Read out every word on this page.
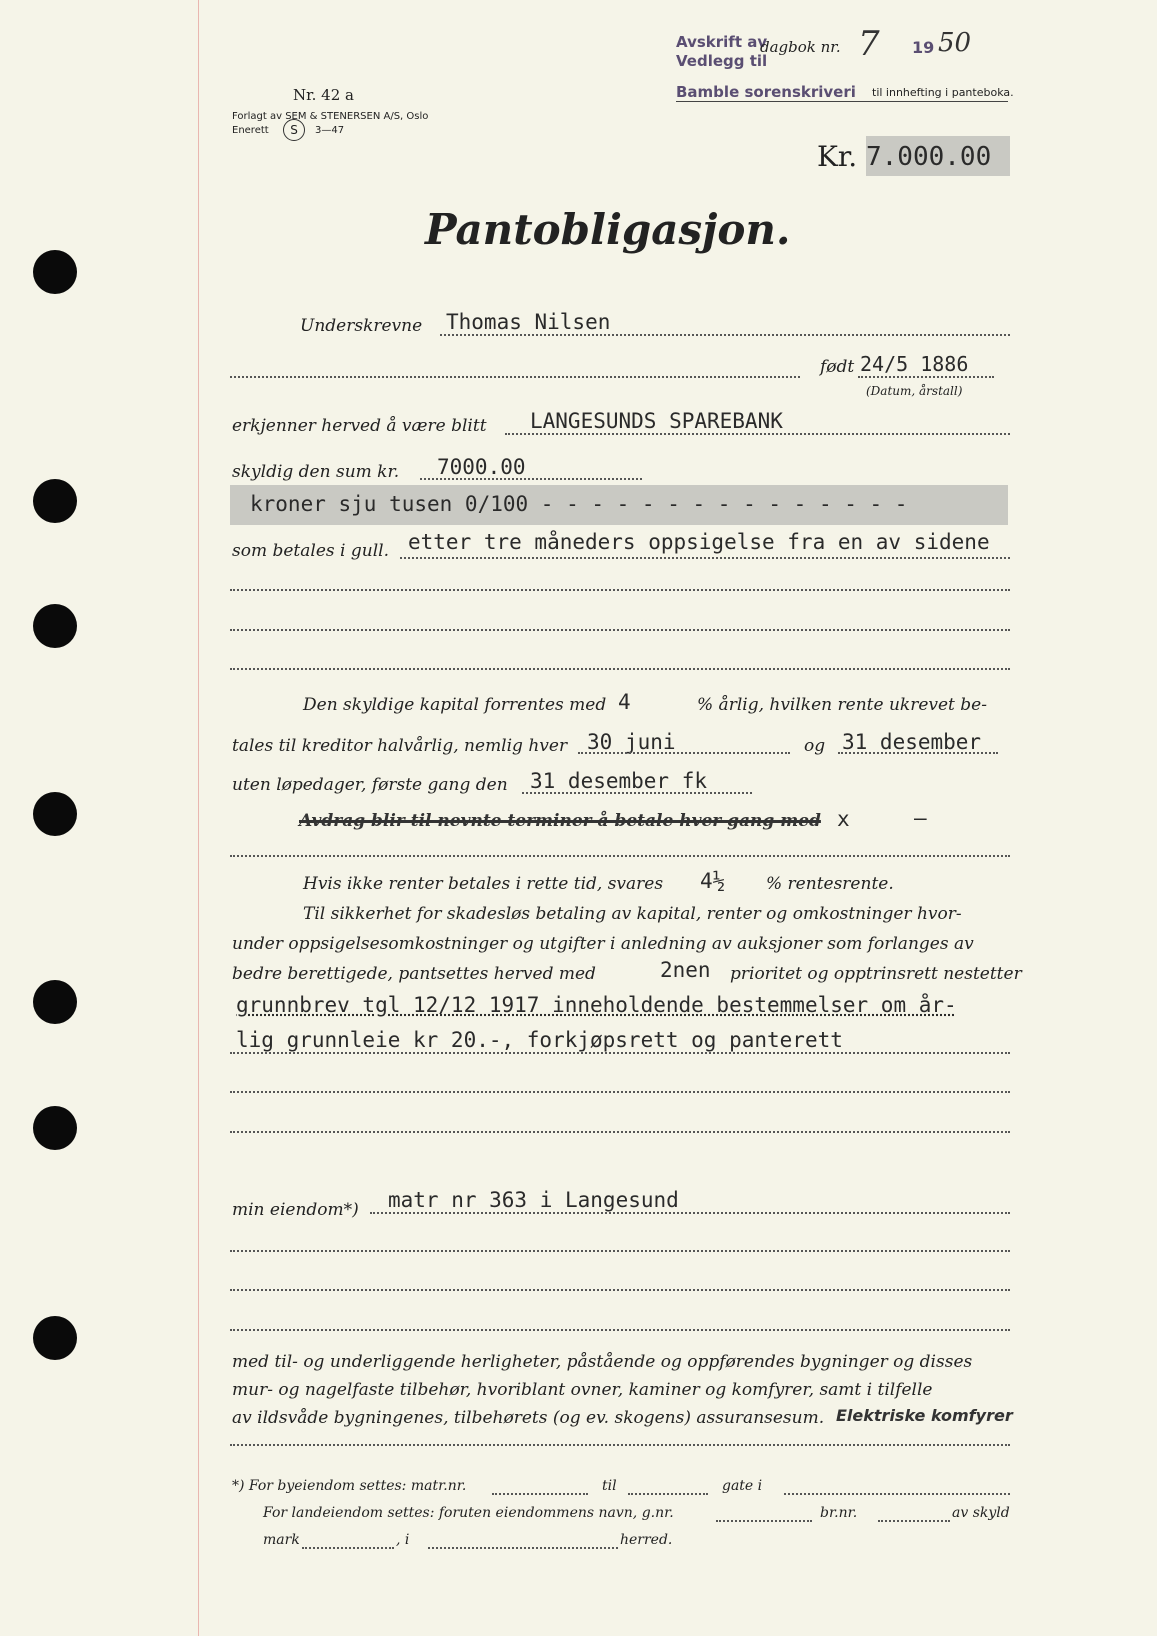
Nr. 42 a
Forlagt av SEM & STENERSEN A/S, Oslo
Enerett	S	3—47
Avskrift av
Vedlegg til
Bamble sorenskriveri
dagbok nr. 7 19 50
til innhefting i panteboka.
Kr. 7.000.00
Pantobligasjon.
Underskrevne Thomas Nilsen
født 24/5 1886
(Datum, årstall)
erkjenner herved å være blitt LANGESUNDS SPAREBANK
skyldig den sum kr. 7000.00
kroner sju tusen 0/100 - - - - - - - - - - - - - - -
som betales i gull. etter tre måneders oppsigelse fra en av sidene
Den skyldige kapital forrentes med 4	% årlig, hvilken rente ukrevet be-
tales til kreditor halvårlig, nemlig hver 30 juni	og 31 desember
uten løpedager, første gang den 31 desember fk
Avdrag blir til nevnte terminer å betale hver gang med x	—
Hvis ikke renter betales i rette tid, svares 4½ % rentesrente.
Til sikkerhet for skadesløs betaling av kapital, renter og omkostninger hvor-
under oppsigelsesomkostninger og utgifter i anledning av auksjoner som forlanges av
bedre berettigede, pantsettes herved med	2nen prioritet og opptrinsrett nestetter
grunnbrev tgl 12/12 1917 inneholdende bestemmelser om år-
lig grunnleie kr 20.-, forkjøpsrett og panterett
min eiendom*) matr nr 363 i Langesund
med til- og underliggende herligheter, påstående og oppførendes bygninger og disses
mur- og nagelfaste tilbehør, hvoriblant ovner, kaminer og komfyrer, samt i tilfelle
av ildsvåde bygningenes, tilbehørets (og ev. skogens) assuransesum. Elektriske komfyrer
*) For byeiendom settes: matr.nr.	til	gate i
For landeiendom settes: foruten eiendommens navn, g.nr.	br.nr.	av skyld
mark	, i	herred.
